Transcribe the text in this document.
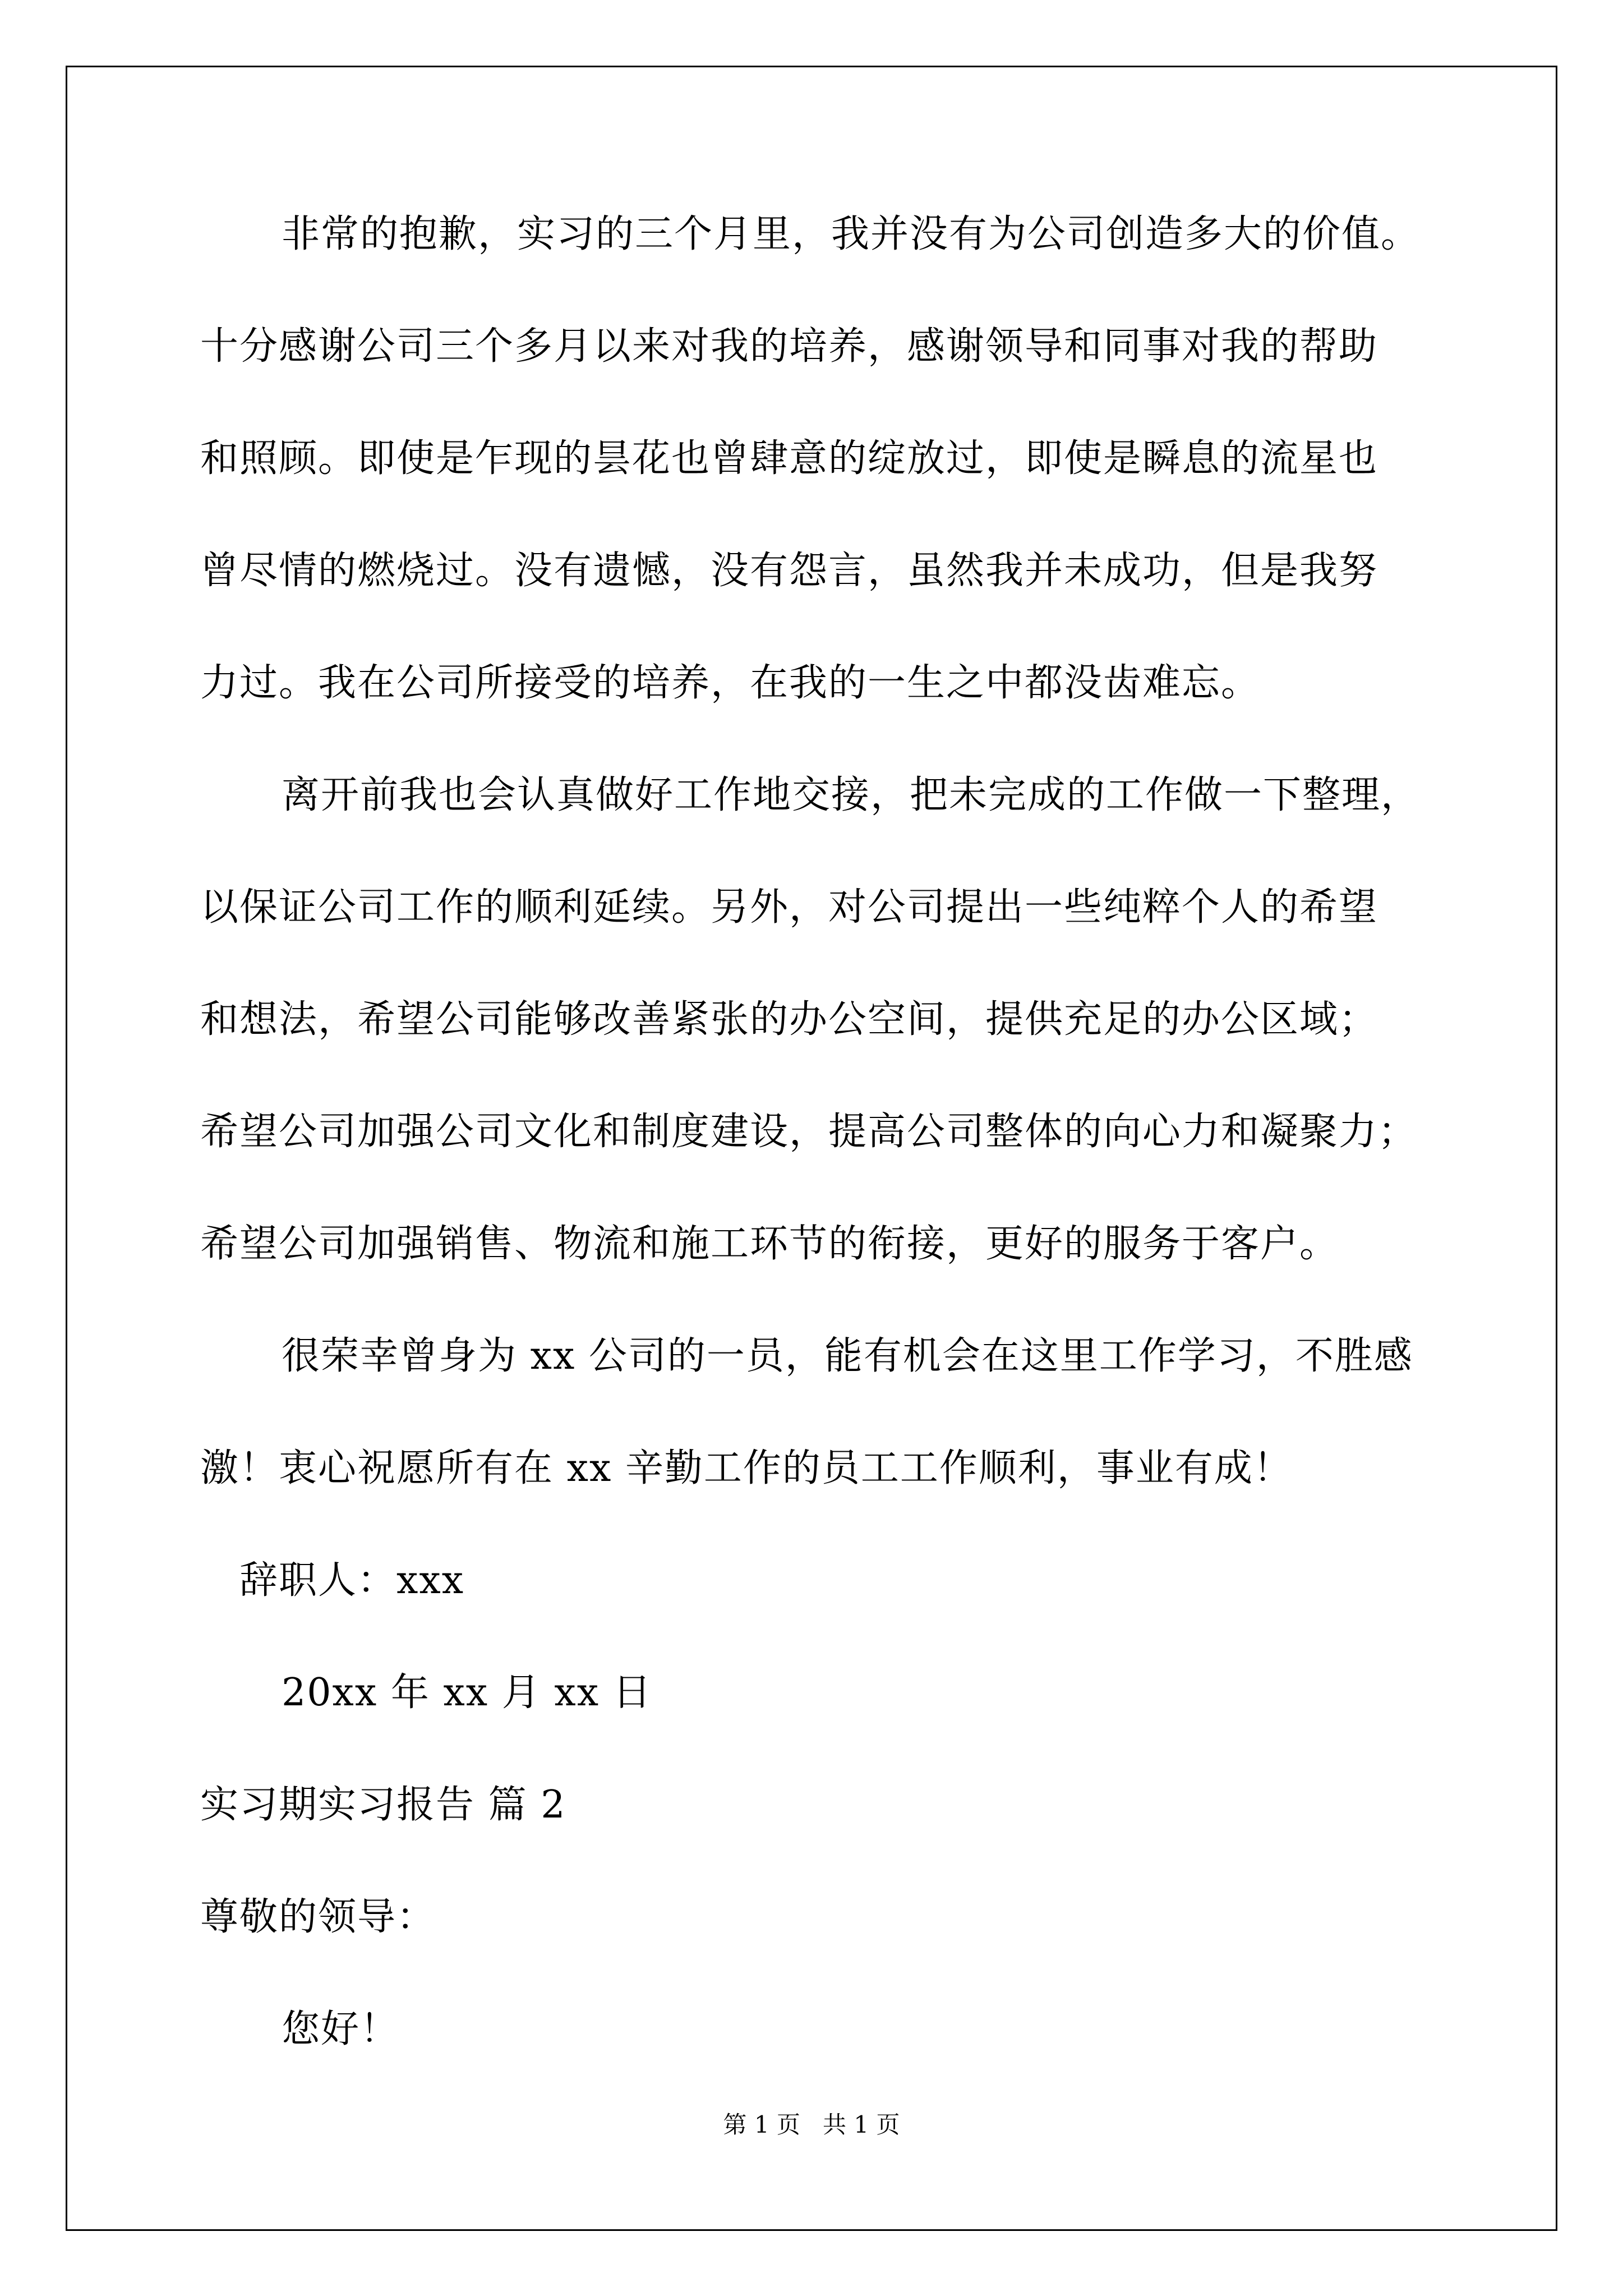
非常的抱歉，实习的三个月里，我并没有为公司创造多大的价值。
十分感谢公司三个多月以来对我的培养，感谢领导和同事对我的帮助
和照顾。即使是乍现的昙花也曾肆意的绽放过，即使是瞬息的流星也
曾尽情的燃烧过。没有遗憾，没有怨言，虽然我并未成功，但是我努
力过。我在公司所接受的培养，在我的一生之中都没齿难忘。
离开前我也会认真做好工作地交接，把未完成的工作做一下整理，
以保证公司工作的顺利延续。另外，对公司提出一些纯粹个人的希望
和想法，希望公司能够改善紧张的办公空间，提供充足的办公区域；
希望公司加强公司文化和制度建设，提高公司整体的向心力和凝聚力；
希望公司加强销售、物流和施工环节的衔接，更好的服务于客户。
很荣幸曾身为 xx 公司的一员，能有机会在这里工作学习，不胜感
激！衷心祝愿所有在 xx 辛勤工作的员工工作顺利，事业有成！
辞职人：xxx
20xx 年 xx 月 xx 日
实习期实习报告 篇 2
尊敬的领导：
您好！
第 1 页   共 1 页
